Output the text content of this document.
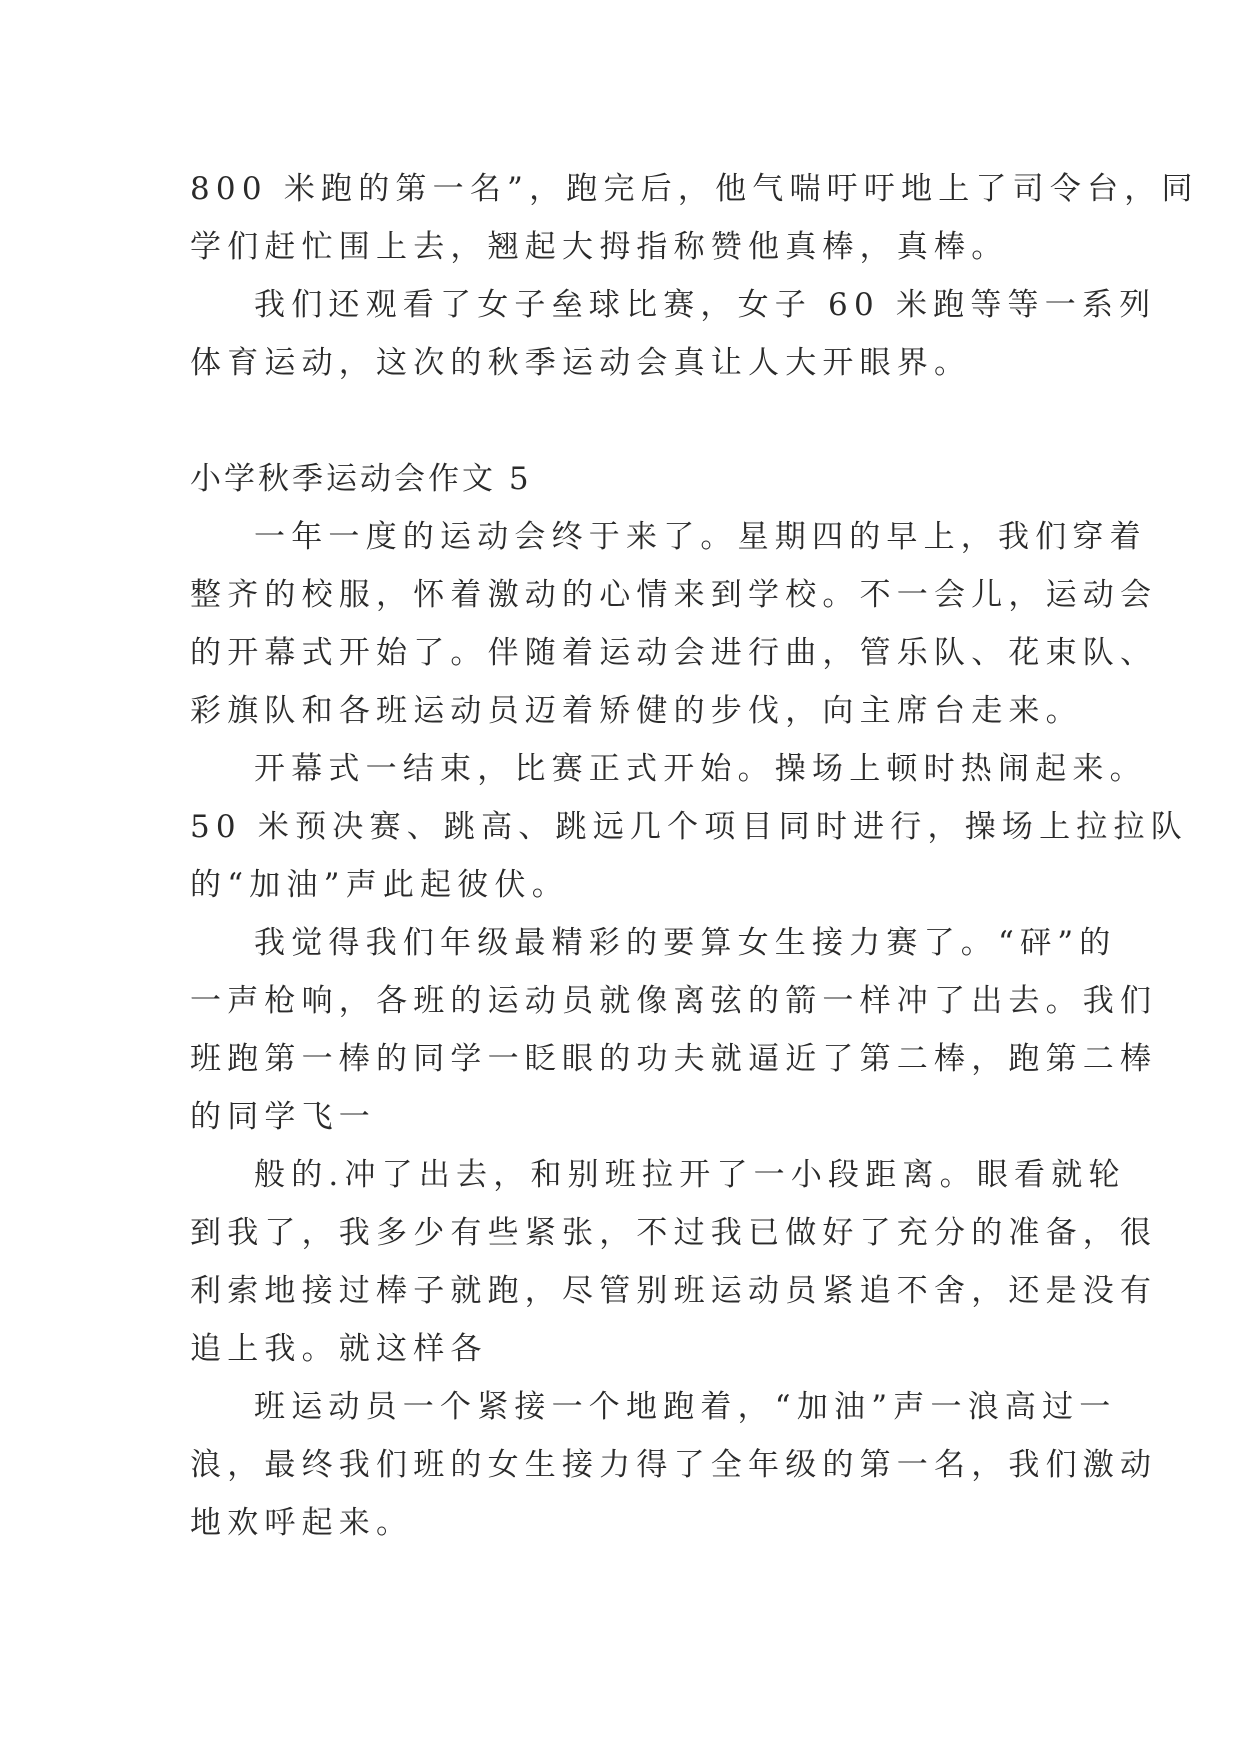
800 米跑的第一名”，跑完后，他气喘吁吁地上了司令台，同
学们赶忙围上去，翘起大拇指称赞他真棒，真棒。

我们还观看了女子垒球比赛，女子 60 米跑等等一系列
体育运动，这次的秋季运动会真让人大开眼界。

小学秋季运动会作文 5

一年一度的运动会终于来了。星期四的早上，我们穿着
整齐的校服，怀着激动的心情来到学校。不一会儿，运动会
的开幕式开始了。伴随着运动会进行曲，管乐队、花束队、
彩旗队和各班运动员迈着矫健的步伐，向主席台走来。

开幕式一结束，比赛正式开始。操场上顿时热闹起来。
50 米预决赛、跳高、跳远几个项目同时进行，操场上拉拉队
的“加油”声此起彼伏。

我觉得我们年级最精彩的要算女生接力赛了。“砰”的
一声枪响，各班的运动员就像离弦的箭一样冲了出去。我们
班跑第一棒的同学一眨眼的功夫就逼近了第二棒，跑第二棒
的同学飞一

般的.冲了出去，和别班拉开了一小段距离。眼看就轮
到我了，我多少有些紧张，不过我已做好了充分的准备，很
利索地接过棒子就跑，尽管别班运动员紧追不舍，还是没有
追上我。就这样各

班运动员一个紧接一个地跑着，“加油”声一浪高过一
浪，最终我们班的女生接力得了全年级的第一名，我们激动
地欢呼起来。
